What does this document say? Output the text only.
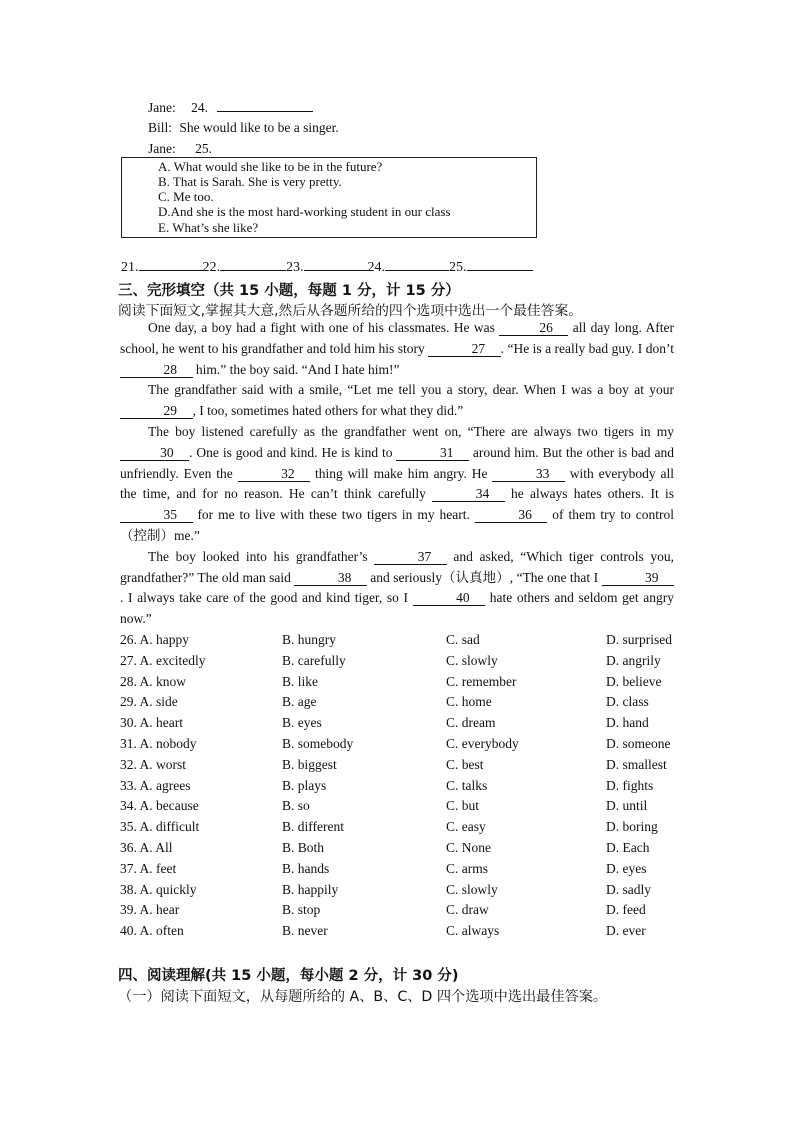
Jane: 24.
Bill: She would like to be a singer.
Jane: 25.
A. What would she like to be in the future?
B. That is Sarah. She is very pretty.
C. Me too.
D.And she is the most hard-working student in our class
E. What’s she like?
21.	22.	23.	24.	25.
三、完形填空（共 15 小题，每题 1 分，计 15 分）
阅读下面短文,掌握其大意,然后从各题所给的四个选项中选出一个最佳答案。

One day, a boy had a fight with one of his classmates. He was	26     all day long. After school, he went to his grandfather and told him his story	27 . “He is a really bad guy. I don’t     28     him.” the boy said. “And I hate him!”

The grandfather said with a smile, “Let me tell you a story, dear. When I was a boy at your     29 , I too, sometimes hated others for what they did.”

The boy listened carefully as the grandfather went on, “There are always two tigers in my    30 . One is good and kind. He is kind to	31     around him. But the other is bad and unfriendly. Even the	32     thing will make him angry. He	33     with everybody all the time, and for no reason. He can’t think carefully	34     he always hates others. It is     35     for me to live with these two tigers in my heart.	36     of them try to control（控制）me.”

The boy looked into his grandfather’s	37     and asked, “Which tiger controls you, grandfather?” The old man said	38     and seriously（认真地）, “The one that I	39    . I always take care of the good and kind tiger, so I	40     hate others and seldom get angry now.”

26. A. happy	B. hungry	C. sad	D. surprised
27. A. excitedly	B. carefully	C. slowly	D. angrily
28. A. know	B. like	C. remember	D. believe
29. A. side	B. age	C. home	D. class
30. A. heart	B. eyes	C. dream	D. hand
31. A. nobody	B. somebody	C. everybody	D. someone
32. A. worst	B. biggest	C. best	D. smallest
33. A. agrees	B. plays	C. talks	D. fights
34. A. because	B. so	C. but	D. until
35. A. difficult	B. different	C. easy	D. boring
36. A. All	B. Both	C. None	D. Each
37. A. feet	B. hands	C. arms	D. eyes
38. A. quickly	B. happily	C. slowly	D. sadly
39. A. hear	B. stop	C. draw	D. feed
40. A. often	B. never	C. always	D. ever
四、阅读理解(共 15 小题，每小题 2 分，计 30 分)
（一）阅读下面短文，从每题所给的 A、B、C、D 四个选项中选出最佳答案。
